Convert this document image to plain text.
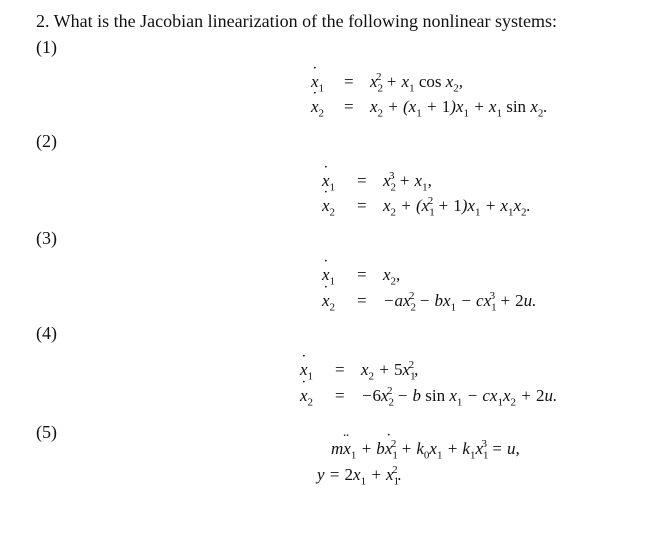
2. What is the Jacobian linearization of the following nonlinear systems:
(1)
˙ $x_1 = x_2^2 + x_1$ $\cos x_2$,
˙ $x_2 = x_2 + (x_1 + 1)x_1 + x_1$ $\sin x_2$.
(2)
˙ $x_1 = x_2^3 + x_1$,
˙ $x_2 = x_2 + (x_1^2 + 1)x_1 + x_1x_2$.
(3)
˙ $x_1 = x_2$,
˙ $x_2 = -ax_2^2 - bx_1 - cx_1^3 + 2u$.
(4)
˙ $x_1 = x_2 + 5x_1^2$,
˙ $x_2 = -6x_2^2 - b$ $\sin x_1 - cx_1x_2 + 2u$.
(5)
m¨ $x_1$ + b˙ $x_1^2 + k_0x_1 + k_1x_1^3 = u$,
$y = 2x_1 + x_1^2$.
